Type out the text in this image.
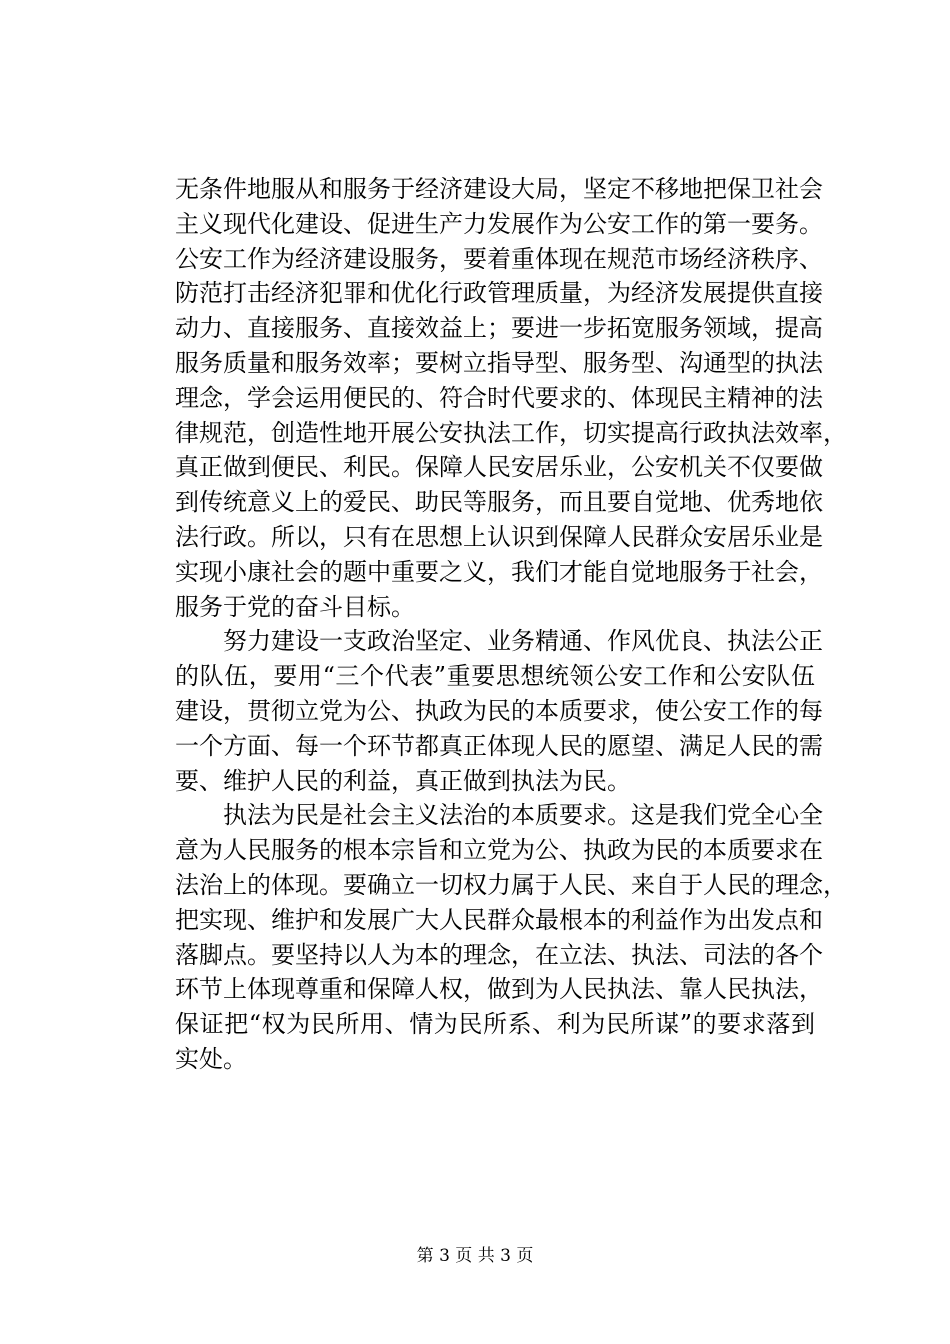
无条件地服从和服务于经济建设大局，坚定不移地把保卫社会
主义现代化建设、促进生产力发展作为公安工作的第一要务。
公安工作为经济建设服务，要着重体现在规范市场经济秩序、
防范打击经济犯罪和优化行政管理质量，为经济发展提供直接
动力、直接服务、直接效益上；要进一步拓宽服务领域，提高
服务质量和服务效率；要树立指导型、服务型、沟通型的执法
理念，学会运用便民的、符合时代要求的、体现民主精神的法
律规范，创造性地开展公安执法工作，切实提高行政执法效率，
真正做到便民、利民。保障人民安居乐业，公安机关不仅要做
到传统意义上的爱民、助民等服务，而且要自觉地、优秀地依
法行政。所以，只有在思想上认识到保障人民群众安居乐业是
实现小康社会的题中重要之义，我们才能自觉地服务于社会，
服务于党的奋斗目标。
　　努力建设一支政治坚定、业务精通、作风优良、执法公正
的队伍，要用“三个代表”重要思想统领公安工作和公安队伍
建设，贯彻立党为公、执政为民的本质要求，使公安工作的每
一个方面、每一个环节都真正体现人民的愿望、满足人民的需
要、维护人民的利益，真正做到执法为民。
　　执法为民是社会主义法治的本质要求。这是我们党全心全
意为人民服务的根本宗旨和立党为公、执政为民的本质要求在
法治上的体现。要确立一切权力属于人民、来自于人民的理念，
把实现、维护和发展广大人民群众最根本的利益作为出发点和
落脚点。要坚持以人为本的理念，在立法、执法、司法的各个
环节上体现尊重和保障人权，做到为人民执法、靠人民执法，
保证把“权为民所用、情为民所系、利为民所谋”的要求落到
实处。
第 3 页 共 3 页
